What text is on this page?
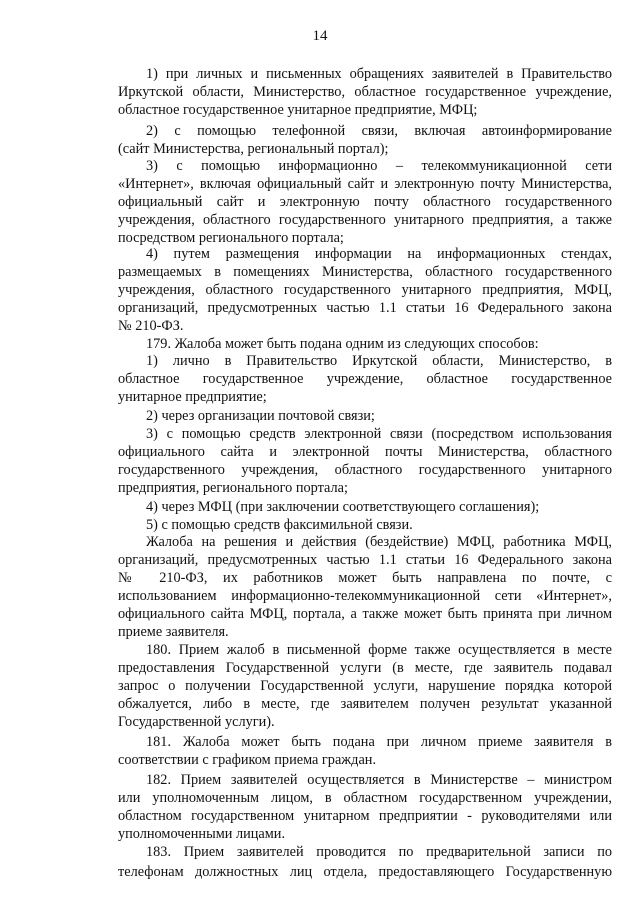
14
1) при личных и письменных обращениях заявителей в Правительство
Иркутской области, Министерство, областное государственное учреждение,
областное государственное унитарное предприятие, МФЦ;
2) с помощью телефонной связи, включая автоинформирование
(сайт Министерства, региональный портал);
3) с помощью информационно – телекоммуникационной сети
«Интернет», включая официальный сайт и электронную почту Министерства,
официальный сайт и электронную почту областного государственного
учреждения, областного государственного унитарного предприятия, а также
посредством регионального портала;
4) путем размещения информации на информационных стендах,
размещаемых в помещениях Министерства, областного государственного
учреждения, областного государственного унитарного предприятия, МФЦ,
организаций, предусмотренных частью 1.1 статьи 16 Федерального закона
№ 210-ФЗ.
179. Жалоба может быть подана одним из следующих способов:
1) лично в Правительство Иркутской области, Министерство, в
областное государственное учреждение, областное государственное
унитарное предприятие;
2) через организации почтовой связи;
3) с помощью средств электронной связи (посредством использования
официального сайта и электронной почты Министерства, областного
государственного учреждения, областного государственного унитарного
предприятия, регионального портала;
4) через МФЦ (при заключении соответствующего соглашения);
5) с помощью средств факсимильной связи.
Жалоба на решения и действия (бездействие) МФЦ, работника МФЦ,
организаций, предусмотренных частью 1.1 статьи 16 Федерального закона
№ 210-ФЗ, их работников может быть направлена по почте, с
использованием информационно-телекоммуникационной сети «Интернет»,
официального сайта МФЦ, портала, а также может быть принята при личном
приеме заявителя.
180. Прием жалоб в письменной форме также осуществляется в месте
предоставления Государственной услуги (в месте, где заявитель подавал
запрос о получении Государственной услуги, нарушение порядка которой
обжалуется, либо в месте, где заявителем получен результат указанной
Государственной услуги).
181. Жалоба может быть подана при личном приеме заявителя в
соответствии с графиком приема граждан.
182. Прием заявителей осуществляется в Министерстве – министром
или уполномоченным лицом, в областном государственном учреждении,
областном государственном унитарном предприятии - руководителями или
уполномоченными лицами.
183. Прием заявителей проводится по предварительной записи по
телефонам должностных лиц отдела, предоставляющего Государственную
